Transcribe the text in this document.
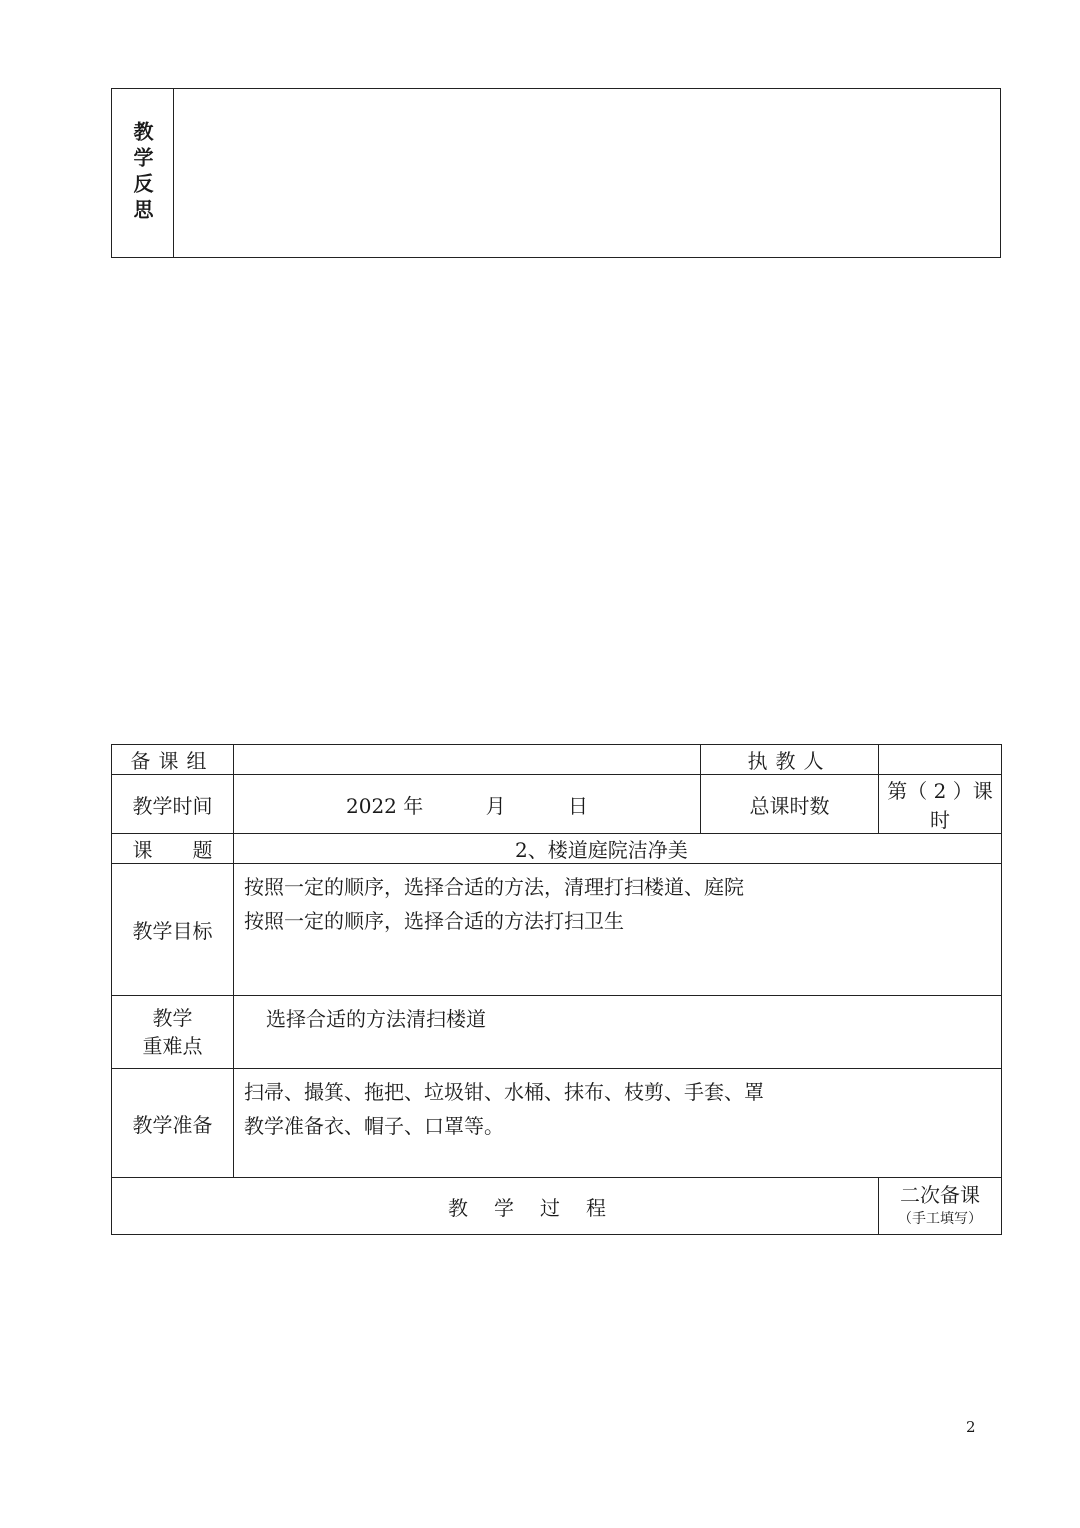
教学反思
备课组		执教人	
教学时间	2022 年 月 日	总课时数	第（ 2 ）课时
课　　题	2、楼道庭院洁净美		
教学目标	按照一定的顺序，选择合适的方法，清理打扫楼道、庭院
按照一定的顺序，选择合适的方法打扫卫生		

教学
重难点	选择合适的方法清扫楼道		

教学准备	扫帚、撮箕、拖把、垃圾钳、水桶、抹布、枝剪、手套、罩
教学准备衣、帽子、口罩等。		

教学过程			二次备课
（手工填写）
2
